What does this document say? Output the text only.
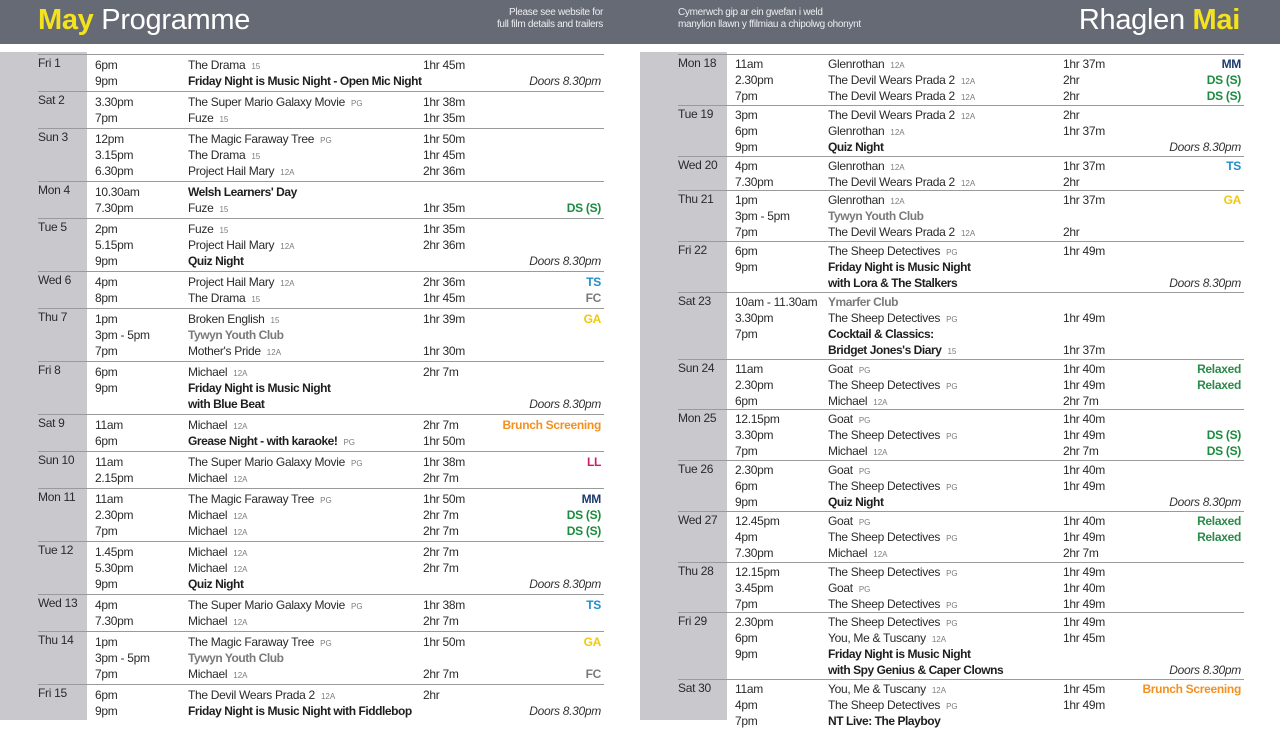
May Programme	Please see website for
full film details and trailers
Fri 1	6pm	The Drama 15	1hr 45m
9pm	Friday Night is Music Night - Open Mic Night	Doors 8.30pm
Sat 2	3.30pm	The Super Mario Galaxy Movie PG	1hr 38m
7pm	Fuze 15	1hr 35m
Sun 3 12pm	The Magic Faraway Tree PG	1hr 50m
3.15pm	The Drama 15	1hr 45m
6.30pm	Project Hail Mary 12A	2hr 36m
Mon 4 10.30am	Welsh Learners' Day
7.30pm	Fuze 15	1hr 35m	DS (S)
Tue 5 2pm	Fuze 15	1hr 35m
5.15pm	Project Hail Mary 12A	2hr 36m
9pm	Quiz Night	Doors 8.30pm
Wed 6 4pm	Project Hail Mary 12A	2hr 36m	TS
8pm	The Drama 15	1hr 45m	FC
Thu 7 1pm	Broken English 15	1hr 39m	GA
3pm - 5pm	Tywyn Youth Club
7pm	Mother's Pride 12A	1hr 30m
Fri 8	6pm	Michael 12A	2hr 7m
9pm	Friday Night is Music Night
with Blue Beat	Doors 8.30pm
Sat 9	11am	Michael 12A	2hr 7m	Brunch Screening
6pm	Grease Night - with karaoke! PG	1hr 50m
Sun 10 11am	The Super Mario Galaxy Movie PG	1hr 38m	LL
2.15pm	Michael 12A	2hr 7m
Mon 11 11am	The Magic Faraway Tree PG	1hr 50m	MM
2.30pm	Michael 12A	2hr 7m	DS (S)
7pm	Michael 12A	2hr 7m	DS (S)
Tue 12 1.45pm	Michael 12A	2hr 7m
5.30pm	Michael 12A	2hr 7m
9pm	Quiz Night	Doors 8.30pm
Wed 13 4pm	The Super Mario Galaxy Movie PG	1hr 38m	TS
7.30pm	Michael 12A	2hr 7m
Thu 14 1pm	The Magic Faraway Tree PG	1hr 50m	GA
3pm - 5pm	Tywyn Youth Club
7pm	Michael 12A	2hr 7m	FC
Fri 15 6pm	The Devil Wears Prada 2 12A	2hr
9pm	Friday Night is Music Night with Fiddlebop	Doors 8.30pm
Cymerwch gip ar ein gwefan i weld
manylion llawn y ffilmiau a chipolwg ohonynt	Rhaglen Mai
Mon 18 11am	Glenrothan 12A	1hr 37m	MM
2.30pm	The Devil Wears Prada 2 12A	2hr	DS (S)
7pm	The Devil Wears Prada 2 12A	2hr	DS (S)
Tue 19 3pm	The Devil Wears Prada 2 12A	2hr
6pm	Glenrothan 12A	1hr 37m
9pm	Quiz Night	Doors 8.30pm
Wed 20 4pm	Glenrothan 12A	1hr 37m	TS
7.30pm	The Devil Wears Prada 2 12A	2hr
Thu 21 1pm	Glenrothan 12A	1hr 37m	GA
3pm - 5pm	Tywyn Youth Club
7pm	The Devil Wears Prada 2 12A	2hr
Fri 22 6pm	The Sheep Detectives PG	1hr 49m
9pm	Friday Night is Music Night
with Lora & The Stalkers	Doors 8.30pm
Sat 23 10am - 11.30am Ymarfer Club
3.30pm	The Sheep Detectives PG	1hr 49m
7pm	Cocktail & Classics:
Bridget Jones's Diary 15	1hr 37m
Sun 24 11am	Goat PG	1hr 40m	Relaxed
2.30pm	The Sheep Detectives PG	1hr 49m	Relaxed
6pm	Michael 12A	2hr 7m
Mon 25 12.15pm	Goat PG	1hr 40m
3.30pm	The Sheep Detectives PG	1hr 49m	DS (S)
7pm	Michael 12A	2hr 7m	DS (S)
Tue 26 2.30pm	Goat PG	1hr 40m
6pm	The Sheep Detectives PG	1hr 49m
9pm	Quiz Night	Doors 8.30pm
Wed 27 12.45pm	Goat PG	1hr 40m	Relaxed
4pm	The Sheep Detectives PG	1hr 49m	Relaxed
7.30pm	Michael 12A	2hr 7m
Thu 28 12.15pm	The Sheep Detectives PG	1hr 49m
3.45pm	Goat PG	1hr 40m
7pm	The Sheep Detectives PG	1hr 49m
Fri 29 2.30pm	The Sheep Detectives PG	1hr 49m
6pm	You, Me & Tuscany 12A	1hr 45m
9pm	Friday Night is Music Night
with Spy Genius & Caper Clowns	Doors 8.30pm
Sat 30 11am	You, Me & Tuscany 12A	1hr 45m	Brunch Screening
4pm	The Sheep Detectives PG	1hr 49m
7pm	NT Live: The Playboy
